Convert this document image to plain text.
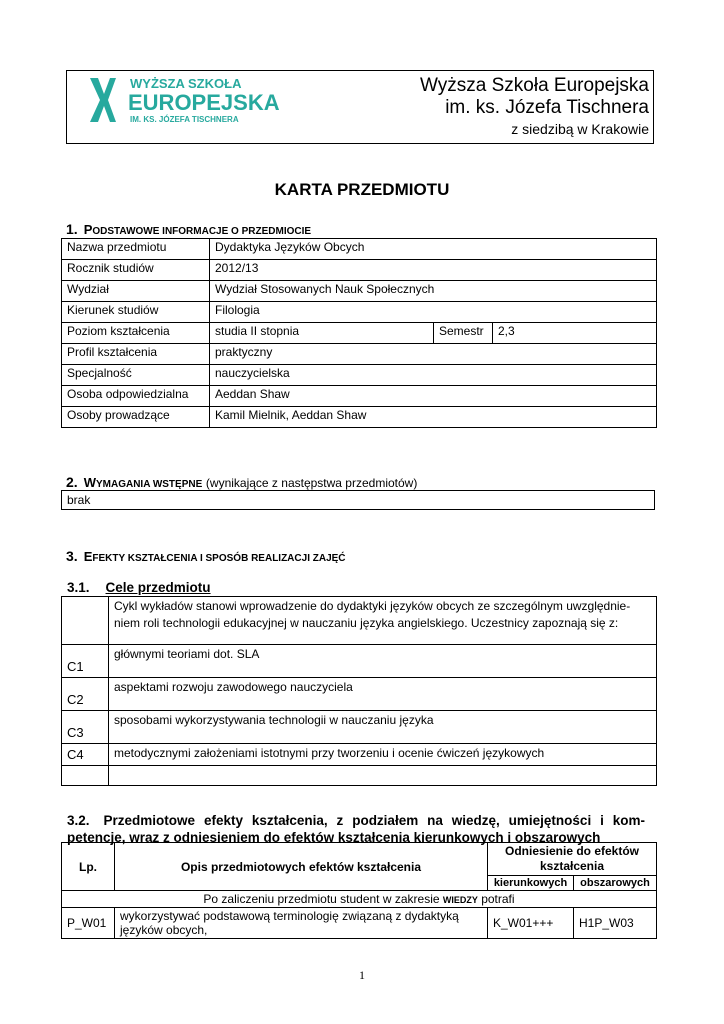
WYŻSZA SZKOŁA
EUROPEJSKA
IM. KS. JÓZEFA TISCHNERA
Wyższa Szkoła Europejska
im. ks. Józefa Tischnera
z siedzibą w Krakowie
KARTA PRZEDMIOTU
1. PODSTAWOWE INFORMACJE O PRZEDMIOCIE
Nazwa przedmiotu	Dydaktyka Języków Obcych		
Rocznik studiów	2012/13		
Wydział	Wydział Stosowanych Nauk Społecznych		
Kierunek studiów	Filologia		
Poziom kształcenia	studia II stopnia	Semestr	2,3
Profil kształcenia	praktyczny		
Specjalność	nauczycielska		
Osoba odpowiedzialna	Aeddan Shaw		
Osoby prowadzące	Kamil Mielnik, Aeddan Shaw		
2. WYMAGANIA WSTĘPNE (wynikające z następstwa przedmiotów)
brak
3. EFEKTY KSZTAŁCENIA I SPOSÓB REALIZACJI ZAJĘĆ
3.1. Cele przedmiotu

	Cykl wykładów stanowi wprowadzenie do dydaktyki języków obcych ze szczególnym uwzględnie-
niem roli technologii edukacyjnej w nauczaniu języka angielskiego. Uczestnicy zapoznają się z:

C1	głównymi teoriami dot. SLA
C2	aspektami rozwoju zawodowego nauczyciela
C3	sposobami wykorzystywania technologii w nauczaniu języka
C4	metodycznymi założeniami istotnymi przy tworzeniu i ocenie ćwiczeń językowych

3.2. Przedmiotowe efekty kształcenia, z podziałem na wiedzę, umiejętności i kom-petencje, wraz z odniesieniem do efektów kształcenia kierunkowych i obszarowych
Lp.	Opis przedmiotowych efektów kształcenia	Odniesienie do efektów kształcenia	
		kierunkowych	obszarowych
Po zaliczeniu przedmiotu student w zakresie WIEDZY potrafi			
P_W01	wykorzystywać podstawową terminologię związaną z dydaktyką języków obcych,	K_W01+++	H1P_W03
1
